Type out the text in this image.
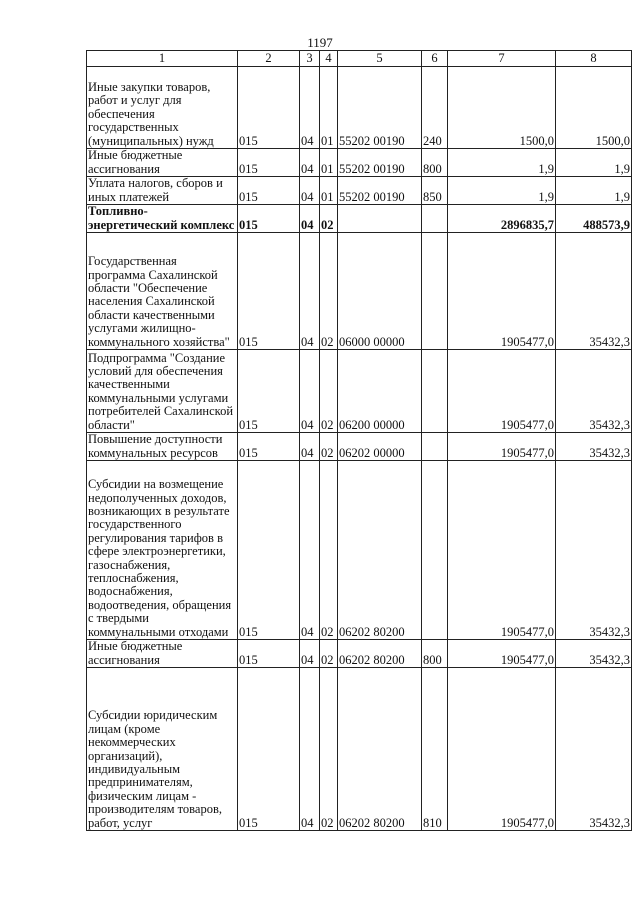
1197
1	2	3	4	5	6	7	8
Иные закупки товаров, работ и услуг для обеспечения государственных (муниципальных) нужд	015	04	01	55202 00190	240	1500,0	1500,0
Иные бюджетные ассигнования	015	04	01	55202 00190	800	1,9	1,9
Уплата налогов, сборов и иных платежей	015	04	01	55202 00190	850	1,9	1,9
Топливно-энергетический комплекс	015	04	02			2896835,7	488573,9
Государственная программа Сахалинской области "Обеспечение населения Сахалинской области качественными услугами жилищно-коммунального хозяйства"	015	04	02	06000 00000		1905477,0	35432,3
Подпрограмма "Создание условий для обеспечения качественными коммунальными услугами потребителей Сахалинской области"	015	04	02	06200 00000		1905477,0	35432,3
Повышение доступности коммунальных ресурсов	015	04	02	06202 00000		1905477,0	35432,3
Субсидии на возмещение недополученных доходов, возникающих в результате государственного регулирования тарифов в сфере электроэнергетики, газоснабжения, теплоснабжения, водоснабжения, водоотведения, обращения с твердыми коммунальными отходами	015	04	02	06202 80200		1905477,0	35432,3
Иные бюджетные ассигнования	015	04	02	06202 80200	800	1905477,0	35432,3
Субсидии юридическим лицам (кроме некоммерческих организаций), индивидуальным предпринимателям, физическим лицам - производителям товаров, работ, услуг	015	04	02	06202 80200	810	1905477,0	35432,3
